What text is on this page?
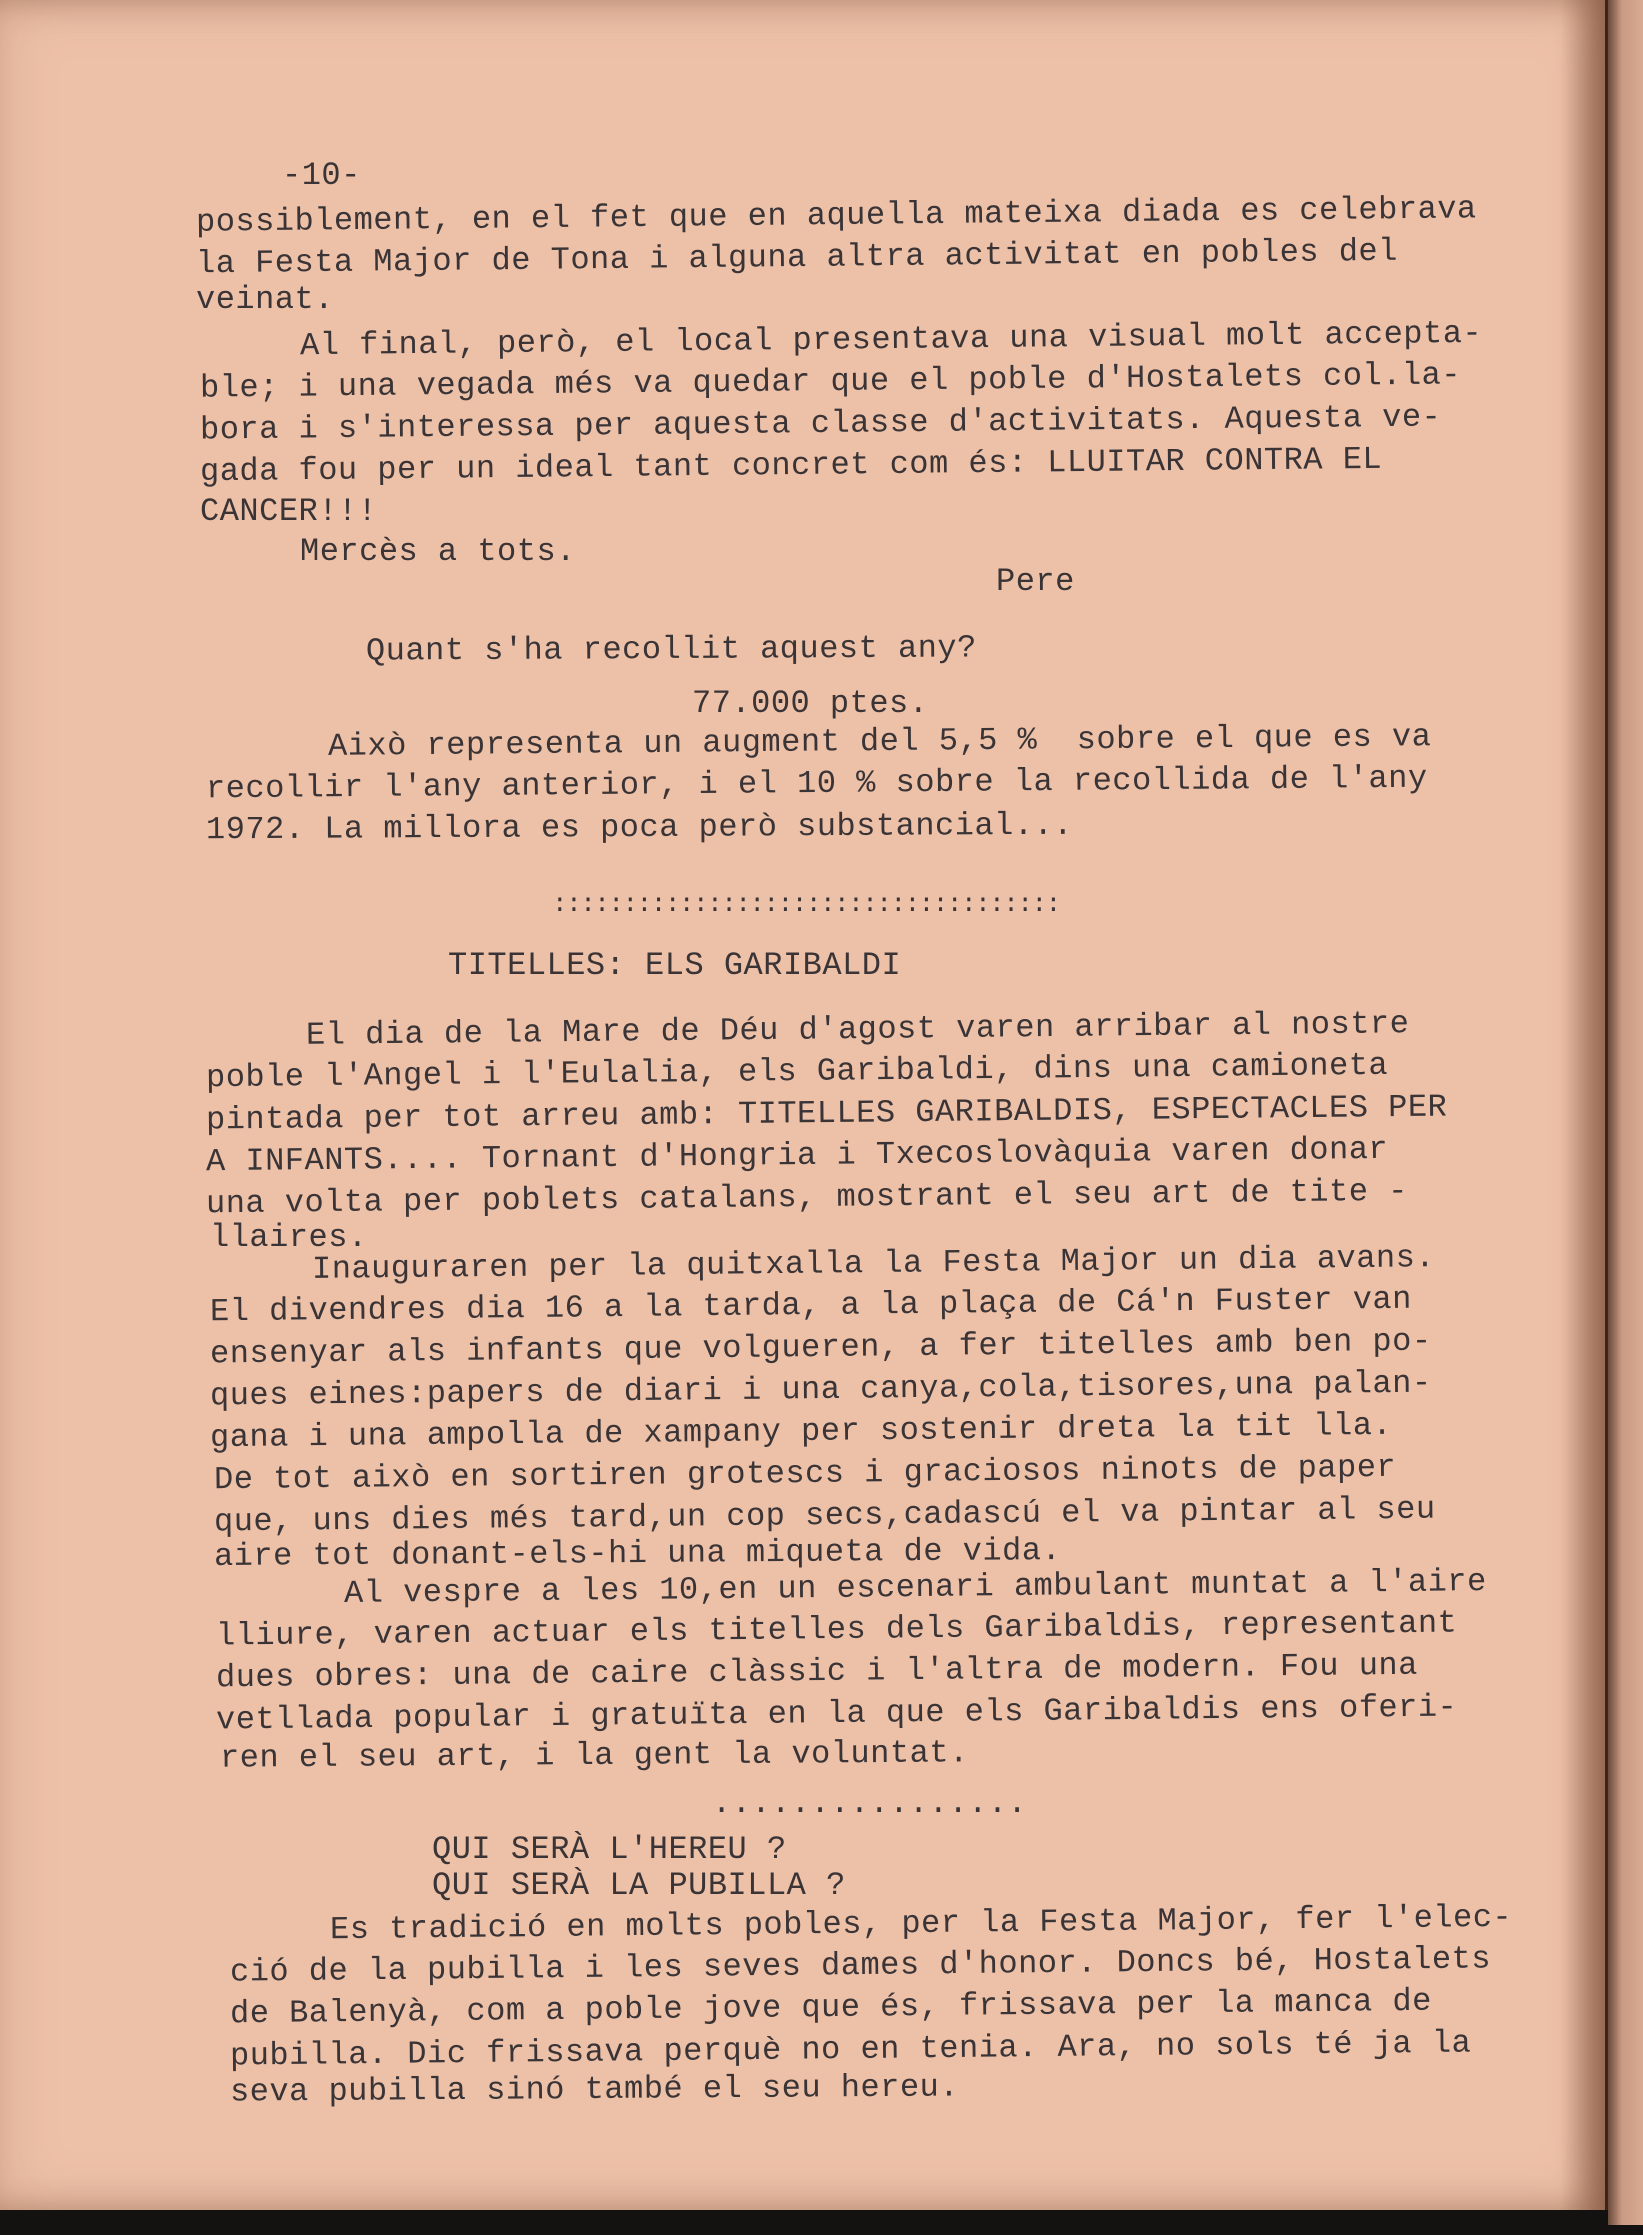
-10-

possiblement, en el fet que en aquella mateixa diada es celebrava

la Festa Major de Tona i alguna altra activitat en pobles del

veinat.

Al final, però, el local presentava una visual molt accepta-

ble; i una vegada més va quedar que el poble d'Hostalets col.la-

bora i s'interessa per aquesta classe d'activitats. Aquesta ve-

gada fou per un ideal tant concret com és: LLUITAR CONTRA EL

CANCER!!!

Mercès a tots.

Pere

Quant s'ha recollit aquest any?

77.000 ptes.

Això representa un augment del 5,5 %  sobre el que es va

recollir l'any anterior, i el 10 % sobre la recollida de l'any

1972. La millora es poca però substancial...

::::::::::::::::::::::::::::::::::::

TITELLES: ELS GARIBALDI

El dia de la Mare de Déu d'agost varen arribar al nostre

poble l'Angel i l'Eulalia, els Garibaldi, dins una camioneta

pintada per tot arreu amb: TITELLES GARIBALDIS, ESPECTACLES PER

A INFANTS.... Tornant d'Hongria i Txecoslovàquia varen donar

una volta per poblets catalans, mostrant el seu art de tite -

llaires.

Inauguraren per la quitxalla la Festa Major un dia avans.

El divendres dia 16 a la tarda, a la plaça de Cá'n Fuster van

ensenyar als infants que volgueren, a fer titelles amb ben po-

ques eines:papers de diari i una canya,cola,tisores,una palan-

gana i una ampolla de xampany per sostenir dreta la tit lla.

De tot això en sortiren grotescs i graciosos ninots de paper

que, uns dies més tard,un cop secs,cadascú el va pintar al seu

aire tot donant-els-hi una miqueta de vida.

Al vespre a les 10,en un escenari ambulant muntat a l'aire

lliure, varen actuar els titelles dels Garibaldis, representant

dues obres: una de caire clàssic i l'altra de modern. Fou una

vetllada popular i gratuïta en la que els Garibaldis ens oferi-

ren el seu art, i la gent la voluntat.

................

QUI SERÀ L'HEREU ?

QUI SERÀ LA PUBILLA ?

Es tradició en molts pobles, per la Festa Major, fer l'elec-

ció de la pubilla i les seves dames d'honor. Doncs bé, Hostalets

de Balenyà, com a poble jove que és, frissava per la manca de

pubilla. Dic frissava perquè no en tenia. Ara, no sols té ja la

seva pubilla sinó també el seu hereu.
